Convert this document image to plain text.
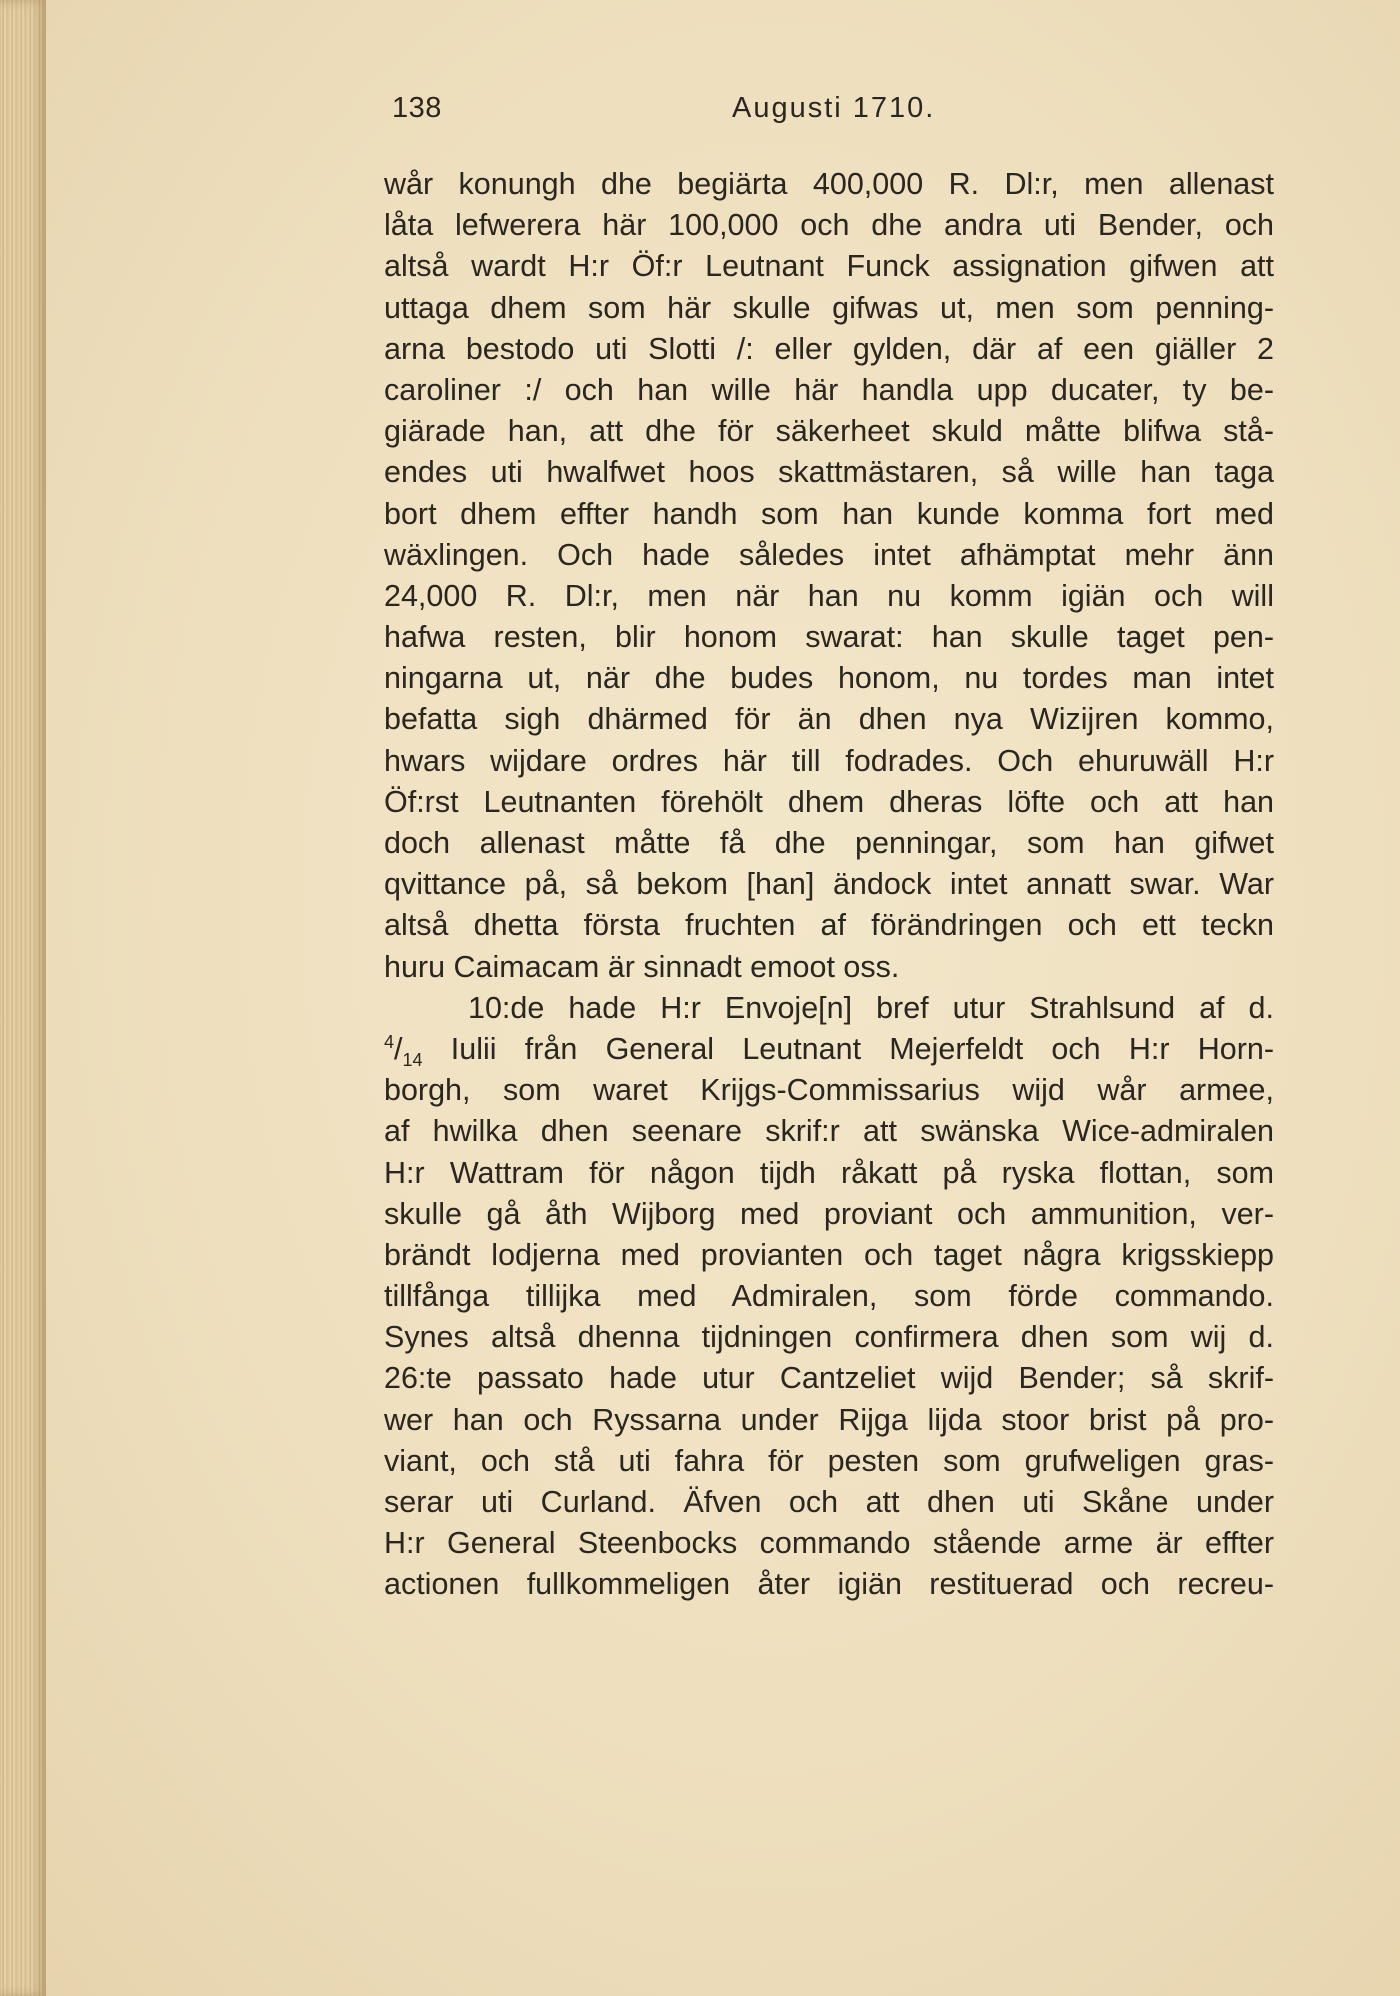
138	Augusti 1710.
wår konungh dhe begiärta 400,000 R. Dl:r, men allenast
låta lefwerera här 100,000 och dhe andra uti Bender, och
altså wardt H:r Öf:r Leutnant Funck assignation gifwen att
uttaga dhem som här skulle gifwas ut, men som penning-
arna bestodo uti Slotti /: eller gylden, där af een giäller 2
caroliner :/ och han wille här handla upp ducater, ty be-
giärade han, att dhe för säkerheet skuld måtte blifwa stå-
endes uti hwalfwet hoos skattmästaren, så wille han taga
bort dhem effter handh som han kunde komma fort med
wäxlingen. Och hade således intet afhämptat mehr änn
24,000 R. Dl:r, men när han nu komm igiän och will
hafwa resten, blir honom swarat: han skulle taget pen-
ningarna ut, när dhe budes honom, nu tordes man intet
befatta sigh dhärmed för än dhen nya Wizijren kommo,
hwars wijdare ordres här till fodrades. Och ehuruwäll H:r
Öf:rst Leutnanten förehölt dhem dheras löfte och att han
doch allenast måtte få dhe penningar, som han gifwet
qvittance på, så bekom [han] ändock intet annatt swar. War
altså dhetta första fruchten af förändringen och ett teckn
huru Caimacam är sinnadt emoot oss.
10:de hade H:r Envoje[n] bref utur Strahlsund af d.
$^4/_{14}$ Iulii från General Leutnant Mejerfeldt och H:r Horn-
borgh, som waret Krijgs-Commissarius wijd wår armee,
af hwilka dhen seenare skrif:r att swänska Wice-admiralen
H:r Wattram för någon tijdh råkatt på ryska flottan, som
skulle gå åth Wijborg med proviant och ammunition, ver-
brändt lodjerna med provianten och taget några krigsskiepp
tillfånga tillijka med Admiralen, som förde commando.
Synes altså dhenna tijdningen confirmera dhen som wij d.
26:te passato hade utur Cantzeliet wijd Bender; så skrif-
wer han och Ryssarna under Rijga lijda stoor brist på pro-
viant, och stå uti fahra för pesten som grufweligen gras-
serar uti Curland. Äfven och att dhen uti Skåne under
H:r General Steenbocks commando stående arme är effter
actionen fullkommeligen åter igiän restituerad och recreu-
